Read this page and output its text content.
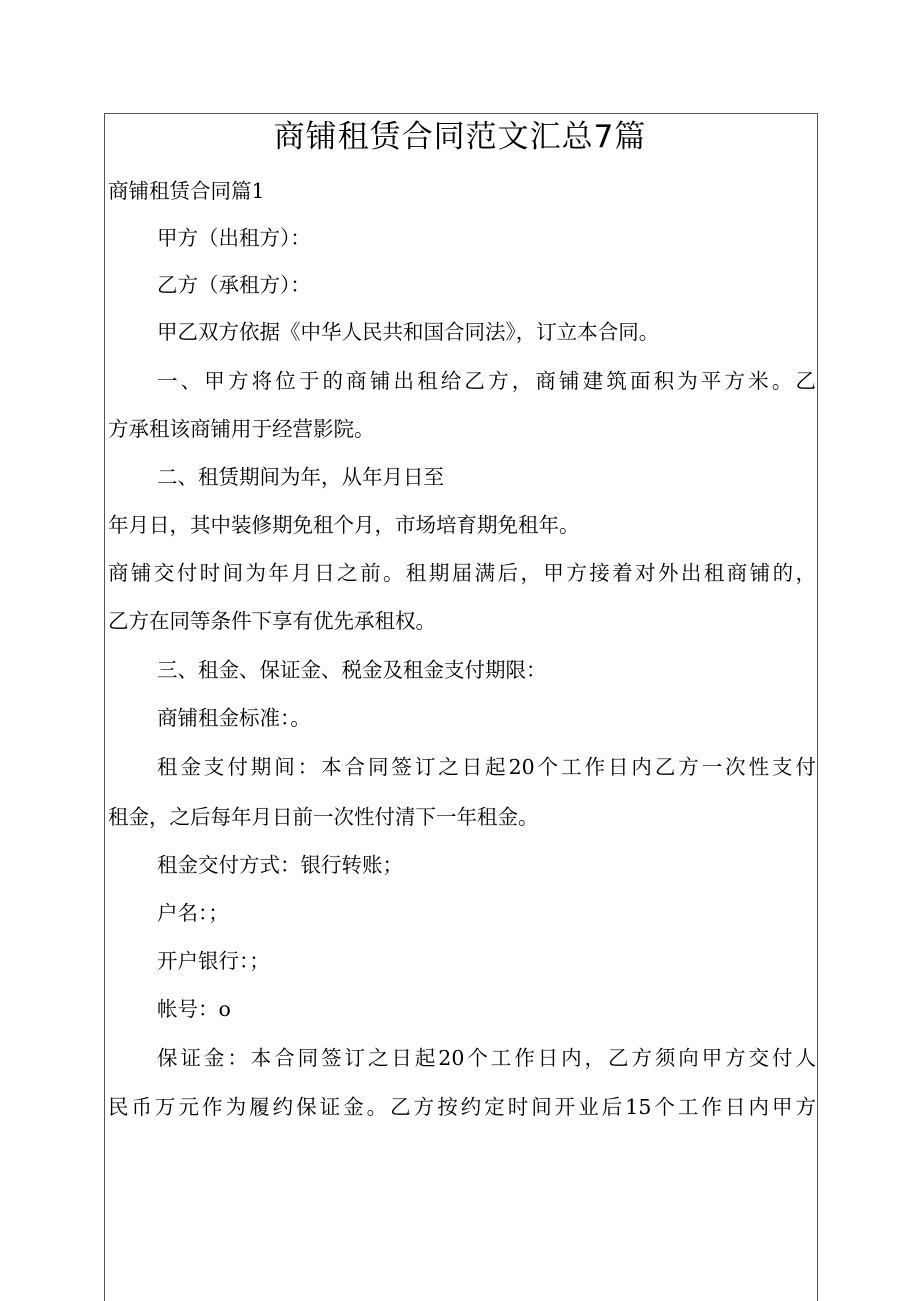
商铺租赁合同范文汇总7篇
商铺租赁合同篇1
甲方（出租方）：
乙方（承租方）：
甲乙双方依据《中华人民共和国合同法》，订立本合同。
一、甲方将位于的商铺出租给乙方，商铺建筑面积为平方米。乙
方承租该商铺用于经营影院。
二、租赁期间为年，从年月日至
年月日，其中装修期免租个月，市场培育期免租年。
商铺交付时间为年月日之前。租期届满后，甲方接着对外出租商铺的，
乙方在同等条件下享有优先承租权。
三、租金、保证金、税金及租金支付期限：
商铺租金标准：。
租金支付期间：本合同签订之日起20个工作日内乙方一次性支付
租金，之后每年月日前一次性付清下一年租金。
租金交付方式：银行转账；
户名：；
开户银行：；
帐号：o
保证金：本合同签订之日起20个工作日内，乙方须向甲方交付人
民币万元作为履约保证金。乙方按约定时间开业后15个工作日内甲方
